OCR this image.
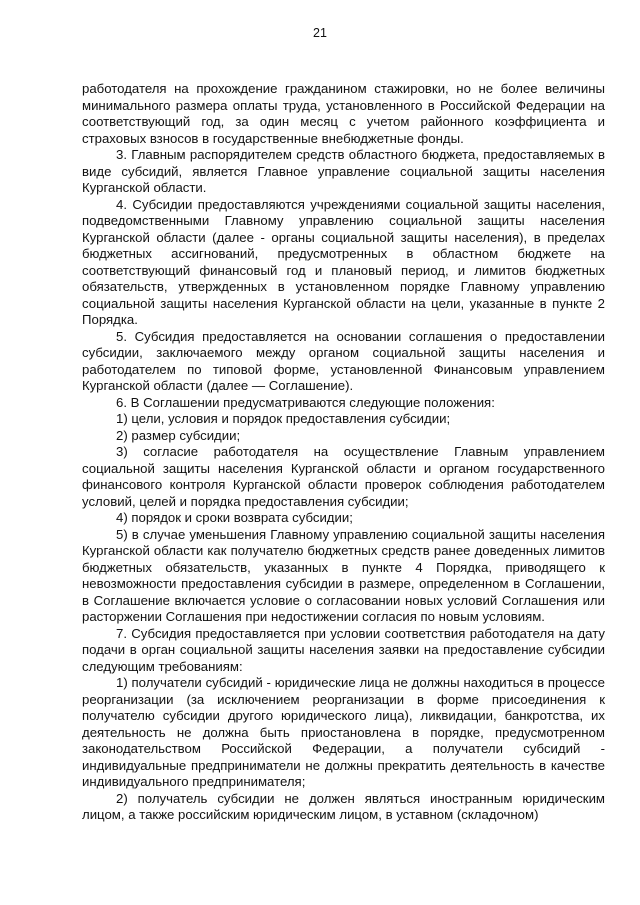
21

работодателя на прохождение гражданином стажировки, но не более величины минимального размера оплаты труда, установленного в Российской Федерации на соответствующий год, за один месяц с учетом районного коэффициента и страховых взносов в государственные внебюджетные фонды.

3. Главным распорядителем средств областного бюджета, предоставляемых в виде субсидий, является Главное управление социальной защиты населения Курганской области.

4. Субсидии предоставляются учреждениями социальной защиты населения, подведомственными Главному управлению социальной защиты населения Курганской области (далее - органы социальной защиты населения), в пределах бюджетных ассигнований, предусмотренных в областном бюджете на соответствующий финансовый год и плановый период, и лимитов бюджетных обязательств, утвержденных в установленном порядке Главному управлению социальной защиты населения Курганской области на цели, указанные в пункте 2 Порядка.

5. Субсидия предоставляется на основании соглашения о предоставлении субсидии, заключаемого между органом социальной защиты населения и работодателем по типовой форме, установленной Финансовым управлением Курганской области (далее — Соглашение).

6. В Соглашении предусматриваются следующие положения:

1) цели, условия и порядок предоставления субсидии;

2) размер субсидии;

3) согласие работодателя на осуществление Главным управлением социальной защиты населения Курганской области и органом государственного финансового контроля Курганской области проверок соблюдения работодателем условий, целей и порядка предоставления субсидии;

4) порядок и сроки возврата субсидии;

5) в случае уменьшения Главному управлению социальной защиты населения Курганской области как получателю бюджетных средств ранее доведенных лимитов бюджетных обязательств, указанных в пункте 4 Порядка, приводящего к невозможности предоставления субсидии в размере, определенном в Соглашении, в Соглашение включается условие о согласовании новых условий Соглашения или расторжении Соглашения при недостижении согласия по новым условиям.

7. Субсидия предоставляется при условии соответствия работодателя на дату подачи в орган социальной защиты населения заявки на предоставление субсидии следующим требованиям:

1) получатели субсидий - юридические лица не должны находиться в процессе реорганизации (за исключением реорганизации в форме присоединения к получателю субсидии другого юридического лица), ликвидации, банкротства, их деятельность не должна быть приостановлена в порядке, предусмотренном законодательством Российской Федерации, а получатели субсидий - индивидуальные предприниматели не должны прекратить деятельность в качестве индивидуального предпринимателя;

2) получатель субсидии не должен являться иностранным юридическим лицом, а также российским юридическим лицом, в уставном (складочном)
